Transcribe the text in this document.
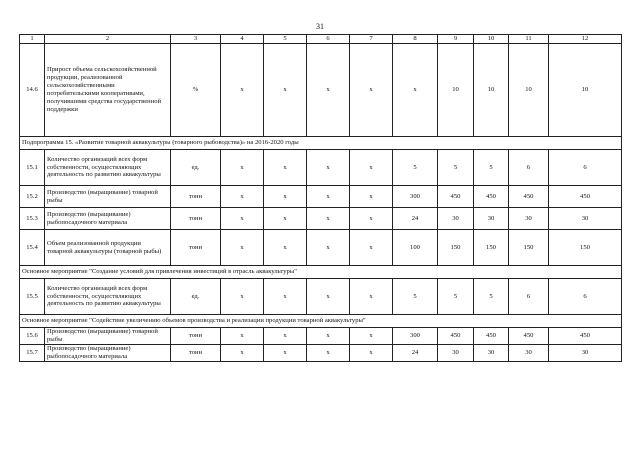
31
1	2	3	4	5	6	7	8	9	10	11	12
14.6	Прирост объема сельскохозяйственной продукции, реализованной сельскохозяйственными потребительскими кооперативами, получившими средства государственной поддержки	%	х	х	х	х	х	10	10	10	10
Подпрограмма 15. «Развитие товарной аквакультуры (товарного рыбоводства)» на 2016-2020 годы											
15.1	Количество организаций всех форм собственности, осуществляющих деятельность по развитию аквакультуры	ед.	х	х	х	х	5	5	5	6	6
15.2	Производство (выращивание) товарной рыбы	тонн	х	х	х	х	300	450	450	450	450
15.3	Производство (выращивание) рыбопосадочного материала	тонн	х	х	х	х	24	30	30	30	30
15.4	Объем реализованной продукции товарной аквакультуры (товарной рыбы)	тонн	х	х	х	х	100	150	150	150	150
Основное мероприятие "Создание условий для привлечения инвестиций в отрасль аквакультуры"											
15.5	Количество организаций всех форм собственности, осуществляющих деятельность по развитию аквакультуры	ед.	х	х	х	х	5	5	5	6	6
Основное мероприятие "Содействие увеличению объемов производства и реализации продукции товарной аквакультуры"											
15.6	Производство (выращивание) товарной рыбы	тонн	х	х	х	х	300	450	450	450	450
15.7	Производство (выращивание) рыбопосадочного материала	тонн	х	х	х	х	24	30	30	30	30
